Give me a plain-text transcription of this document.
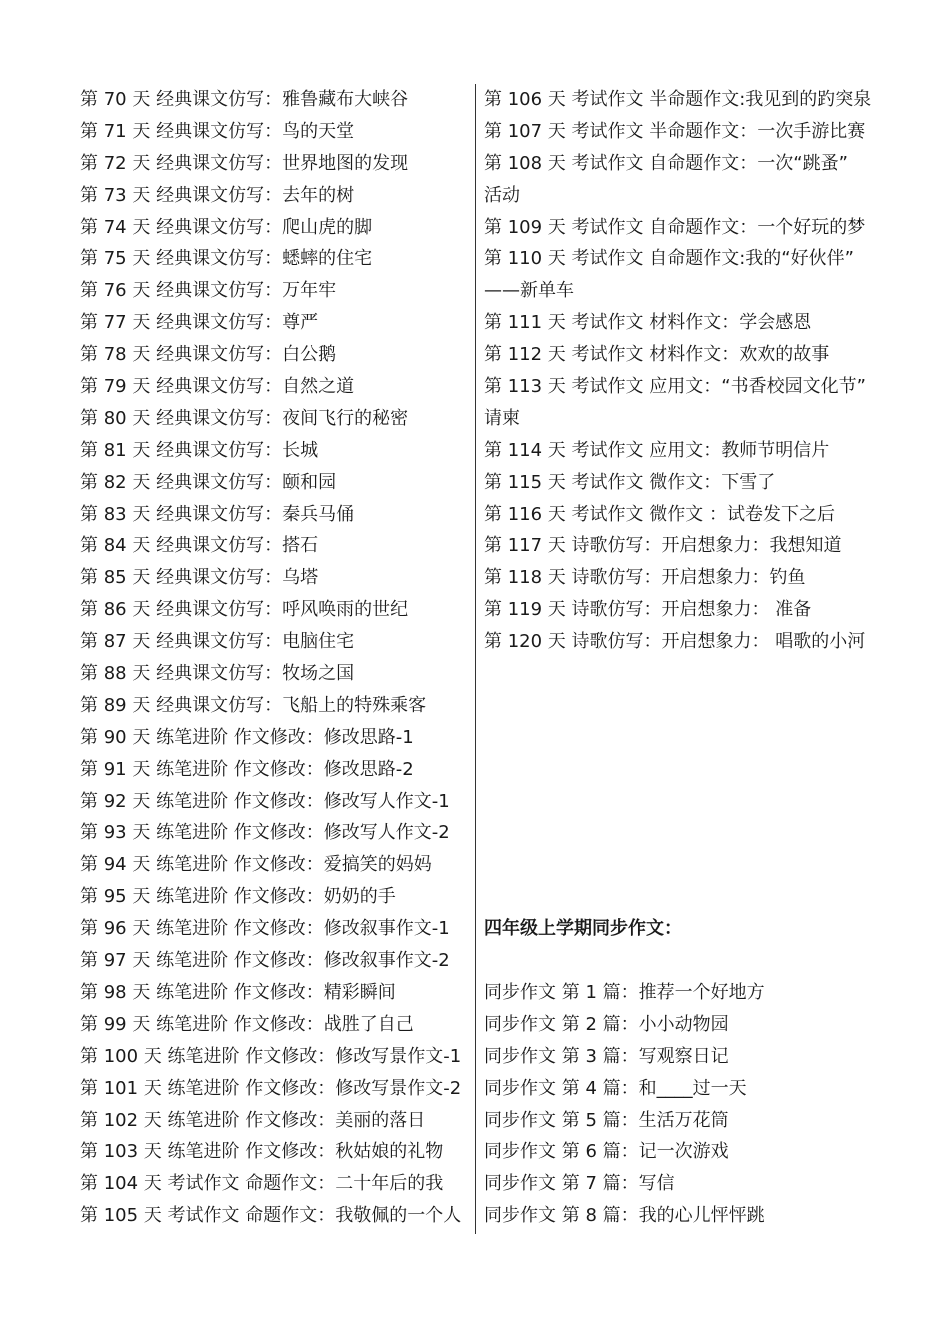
第 70 天 经典课文仿写：雅鲁藏布大峡谷
第 71 天 经典课文仿写：鸟的天堂
第 72 天 经典课文仿写：世界地图的发现
第 73 天 经典课文仿写：去年的树
第 74 天 经典课文仿写：爬山虎的脚
第 75 天 经典课文仿写：蟋蟀的住宅
第 76 天 经典课文仿写：万年牢
第 77 天 经典课文仿写：尊严
第 78 天 经典课文仿写：白公鹅
第 79 天 经典课文仿写：自然之道
第 80 天 经典课文仿写：夜间飞行的秘密
第 81 天 经典课文仿写：长城
第 82 天 经典课文仿写：颐和园
第 83 天 经典课文仿写：秦兵马俑
第 84 天 经典课文仿写：搭石
第 85 天 经典课文仿写：乌塔
第 86 天 经典课文仿写：呼风唤雨的世纪
第 87 天 经典课文仿写：电脑住宅
第 88 天 经典课文仿写：牧场之国
第 89 天 经典课文仿写：飞船上的特殊乘客
第 90 天 练笔进阶 作文修改：修改思路-1
第 91 天 练笔进阶 作文修改：修改思路-2
第 92 天 练笔进阶 作文修改：修改写人作文-1
第 93 天 练笔进阶 作文修改：修改写人作文-2
第 94 天 练笔进阶 作文修改：爱搞笑的妈妈
第 95 天 练笔进阶 作文修改：奶奶的手
第 96 天 练笔进阶 作文修改：修改叙事作文-1
第 97 天 练笔进阶 作文修改：修改叙事作文-2
第 98 天 练笔进阶 作文修改：精彩瞬间
第 99 天 练笔进阶 作文修改：战胜了自己
第 100 天 练笔进阶 作文修改：修改写景作文-1
第 101 天 练笔进阶 作文修改：修改写景作文-2
第 102 天 练笔进阶 作文修改：美丽的落日
第 103 天 练笔进阶 作文修改：秋姑娘的礼物
第 104 天 考试作文 命题作文：二十年后的我
第 105 天 考试作文 命题作文：我敬佩的一个人
第 106 天 考试作文 半命题作文:我见到的趵突泉
第 107 天 考试作文 半命题作文：一次手游比赛
第 108 天 考试作文 自命题作文：一次“跳蚤”
活动
第 109 天 考试作文 自命题作文：一个好玩的梦
第 110 天 考试作文 自命题作文:我的“好伙伴”
——新单车
第 111 天 考试作文 材料作文：学会感恩
第 112 天 考试作文 材料作文：欢欢的故事
第 113 天 考试作文 应用文：“书香校园文化节”
请柬
第 114 天 考试作文 应用文：教师节明信片
第 115 天 考试作文 微作文：下雪了
第 116 天 考试作文 微作文 ：试卷发下之后
第 117 天 诗歌仿写：开启想象力：我想知道
第 118 天 诗歌仿写：开启想象力：钓鱼
第 119 天 诗歌仿写：开启想象力： 准备
第 120 天 诗歌仿写：开启想象力： 唱歌的小河
四年级上学期同步作文：
同步作文 第 1 篇：推荐一个好地方
同步作文 第 2 篇：小小动物园
同步作文 第 3 篇：写观察日记
同步作文 第 4 篇：和____过一天
同步作文 第 5 篇：生活万花筒
同步作文 第 6 篇：记一次游戏
同步作文 第 7 篇：写信
同步作文 第 8 篇：我的心儿怦怦跳
